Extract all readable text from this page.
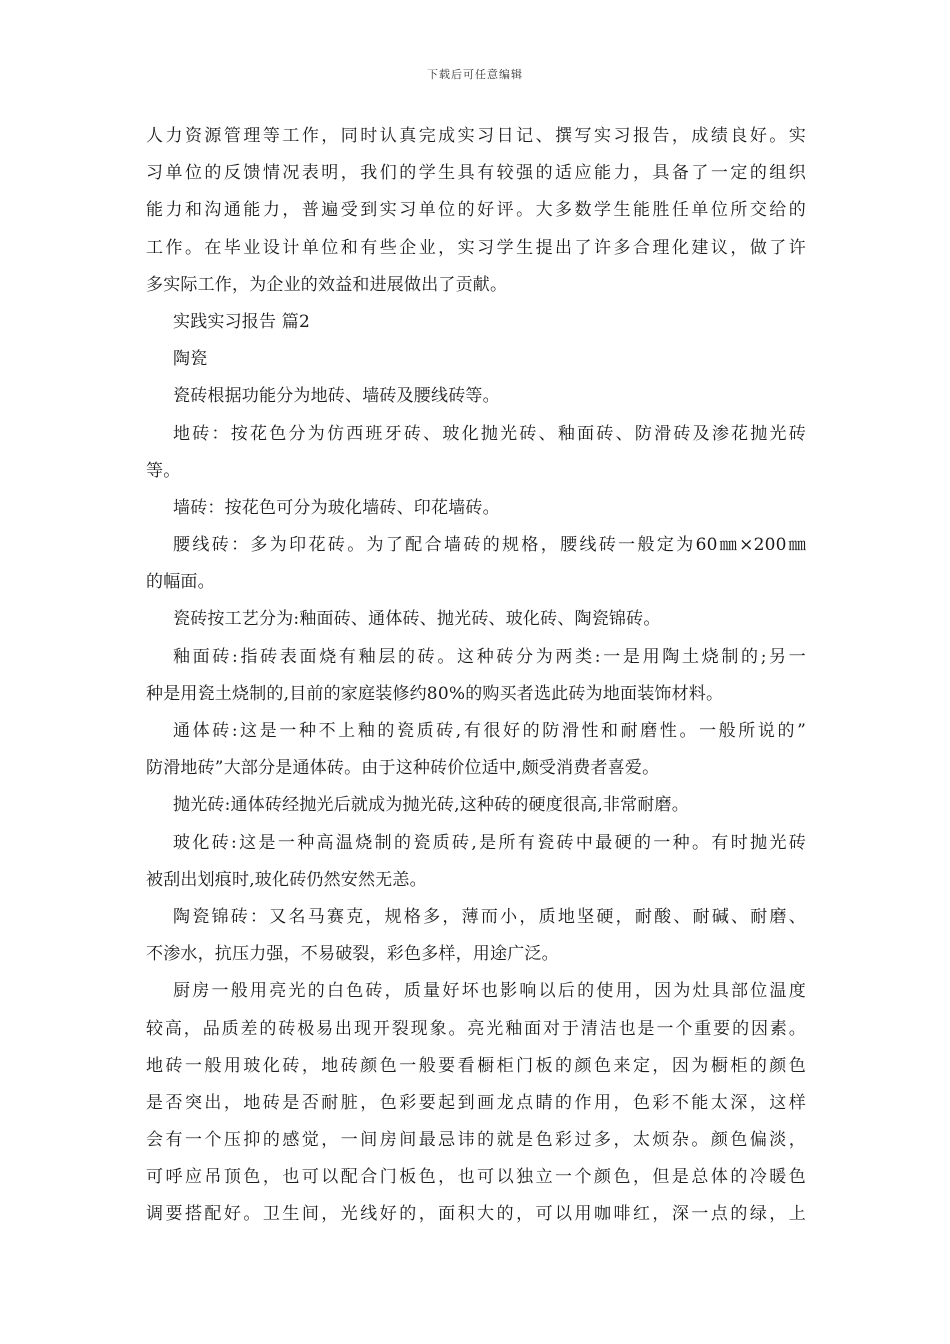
下载后可任意编辑
人力资源管理等工作，同时认真完成实习日记、撰写实习报告，成绩良好。实
习单位的反馈情况表明，我们的学生具有较强的适应能力，具备了一定的组织
能力和沟通能力，普遍受到实习单位的好评。大多数学生能胜任单位所交给的
工作。在毕业设计单位和有些企业，实习学生提出了许多合理化建议，做了许
多实际工作，为企业的效益和进展做出了贡献。
实践实习报告 篇2
陶瓷
瓷砖根据功能分为地砖、墙砖及腰线砖等。
地砖：按花色分为仿西班牙砖、玻化抛光砖、釉面砖、防滑砖及渗花抛光砖
等。
墙砖：按花色可分为玻化墙砖、印花墙砖。
腰线砖：多为印花砖。为了配合墙砖的规格，腰线砖一般定为60㎜×200㎜
的幅面。
瓷砖按工艺分为:釉面砖、通体砖、抛光砖、玻化砖、陶瓷锦砖。
釉面砖:指砖表面烧有釉层的砖。这种砖分为两类:一是用陶土烧制的;另一
种是用瓷土烧制的,目前的家庭装修约80%的购买者选此砖为地面装饰材料。
通体砖:这是一种不上釉的瓷质砖,有很好的防滑性和耐磨性。一般所说的”
防滑地砖”大部分是通体砖。由于这种砖价位适中,颇受消费者喜爱。
抛光砖:通体砖经抛光后就成为抛光砖,这种砖的硬度很高,非常耐磨。
玻化砖:这是一种高温烧制的瓷质砖,是所有瓷砖中最硬的一种。有时抛光砖
被刮出划痕时,玻化砖仍然安然无恙。
陶瓷锦砖：又名马赛克，规格多，薄而小，质地坚硬，耐酸、耐碱、耐磨、
不渗水，抗压力强，不易破裂，彩色多样，用途广泛。
厨房一般用亮光的白色砖，质量好坏也影响以后的使用，因为灶具部位温度
较高，品质差的砖极易出现开裂现象。亮光釉面对于清洁也是一个重要的因素。
地砖一般用玻化砖，地砖颜色一般要看橱柜门板的颜色来定，因为橱柜的颜色
是否突出，地砖是否耐脏，色彩要起到画龙点睛的作用，色彩不能太深，这样
会有一个压抑的感觉，一间房间最忌讳的就是色彩过多，太烦杂。颜色偏淡，
可呼应吊顶色，也可以配合门板色，也可以独立一个颜色，但是总体的冷暖色
调要搭配好。卫生间，光线好的，面积大的，可以用咖啡红，深一点的绿，上
